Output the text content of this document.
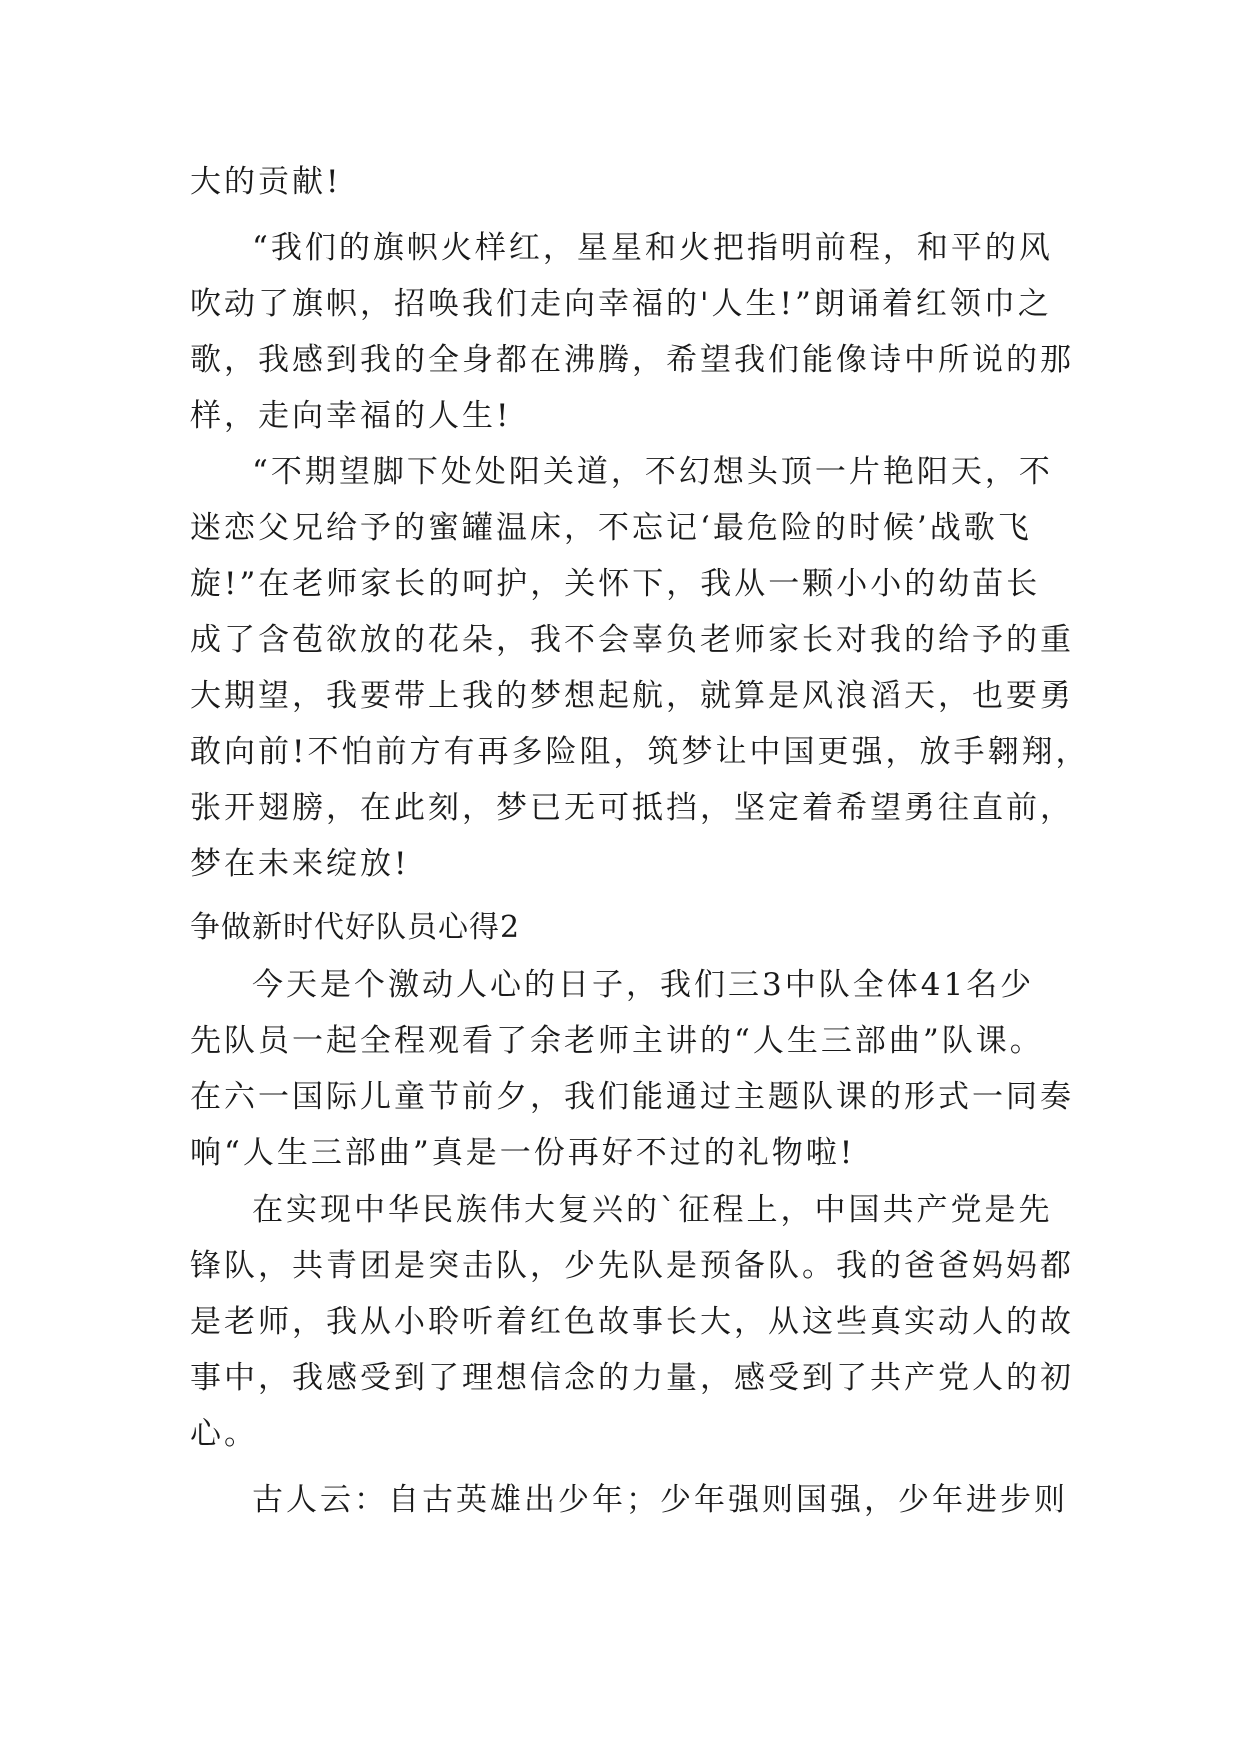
大的贡献!
“我们的旗帜火样红，星星和火把指明前程，和平的风
吹动了旗帜，招唤我们走向幸福的'人生!”朗诵着红领巾之
歌，我感到我的全身都在沸腾，希望我们能像诗中所说的那
样，走向幸福的人生!
“不期望脚下处处阳关道，不幻想头顶一片艳阳天，不
迷恋父兄给予的蜜罐温床，不忘记‘最危险的时候’战歌飞
旋!”在老师家长的呵护，关怀下，我从一颗小小的幼苗长
成了含苞欲放的花朵，我不会辜负老师家长对我的给予的重
大期望，我要带上我的梦想起航，就算是风浪滔天，也要勇
敢向前!不怕前方有再多险阻，筑梦让中国更强，放手翱翔，
张开翅膀，在此刻，梦已无可抵挡，坚定着希望勇往直前，
梦在未来绽放!
争做新时代好队员心得2
今天是个激动人心的日子，我们三3中队全体41名少
先队员一起全程观看了余老师主讲的“人生三部曲”队课。
在六一国际儿童节前夕，我们能通过主题队课的形式一同奏
响“人生三部曲”真是一份再好不过的礼物啦!
在实现中华民族伟大复兴的`征程上，中国共产党是先
锋队，共青团是突击队，少先队是预备队。我的爸爸妈妈都
是老师，我从小聆听着红色故事长大，从这些真实动人的故
事中，我感受到了理想信念的力量，感受到了共产党人的初
心。
古人云：自古英雄出少年；少年强则国强，少年进步则
